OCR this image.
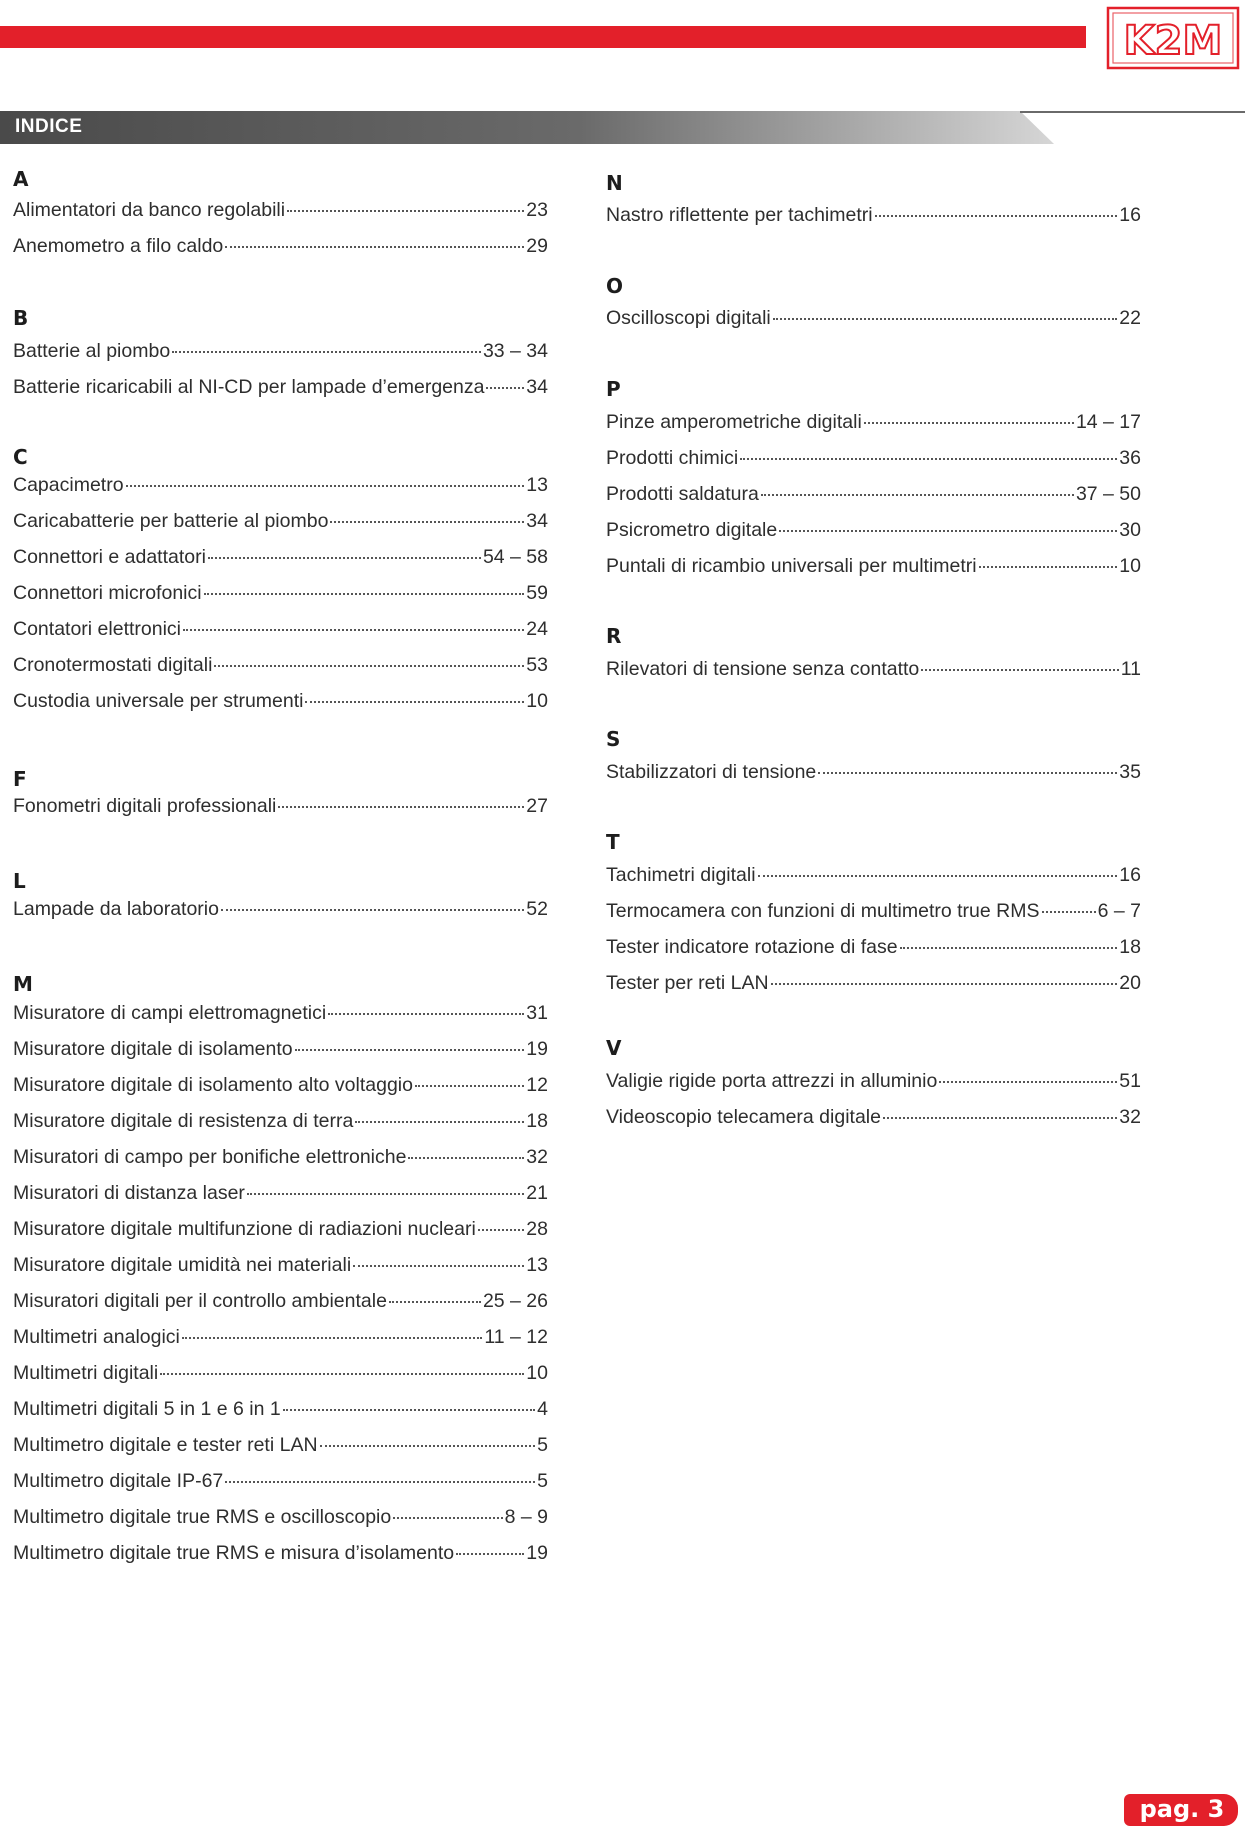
K2M
INDICE
A
Alimentatori da banco regolabili	23
Anemometro a filo caldo	29
B
Batterie al piombo	33 – 34
Batterie ricaricabili al NI-CD per lampade d’emergenza 34
C
Capacimetro	13
Caricabatterie per batterie al piombo	34
Connettori e adattatori	54 – 58
Connettori microfonici	59
Contatori elettronici	24
Cronotermostati digitali	53
Custodia universale per strumenti	10
F
Fonometri digitali professionali	27
L
Lampade da laboratorio	52
M
Misuratore di campi elettromagnetici	31
Misuratore digitale di isolamento	19
Misuratore digitale di isolamento alto voltaggio	12
Misuratore digitale di resistenza di terra	18
Misuratori di campo per bonifiche elettroniche	32
Misuratori di distanza laser	21
Misuratore digitale multifunzione di radiazioni nucleari	28
Misuratore digitale umidità nei materiali	13
Misuratori digitali per il controllo ambientale	25 – 26
Multimetri analogici	11 – 12
Multimetri digitali	10
Multimetri digitali 5 in 1 e 6 in 1	4
Multimetro digitale e tester reti LAN	5
Multimetro digitale IP-67	5
Multimetro digitale true RMS e oscilloscopio	8 – 9
Multimetro digitale true RMS e misura d’isolamento	19
N
Nastro riflettente per tachimetri	16
O
Oscilloscopi digitali	22
P
Pinze amperometriche digitali	14 – 17
Prodotti chimici	36
Prodotti saldatura	37 – 50
Psicrometro digitale	30
Puntali di ricambio universali per multimetri	10
R
Rilevatori di tensione senza contatto	11
S
Stabilizzatori di tensione	35
T
Tachimetri digitali	16
Termocamera con funzioni di multimetro true RMS	6 – 7
Tester indicatore rotazione di fase	18
Tester per reti LAN	20
V
Valigie rigide porta attrezzi in alluminio	51
Videoscopio telecamera digitale	32
pag. 3
